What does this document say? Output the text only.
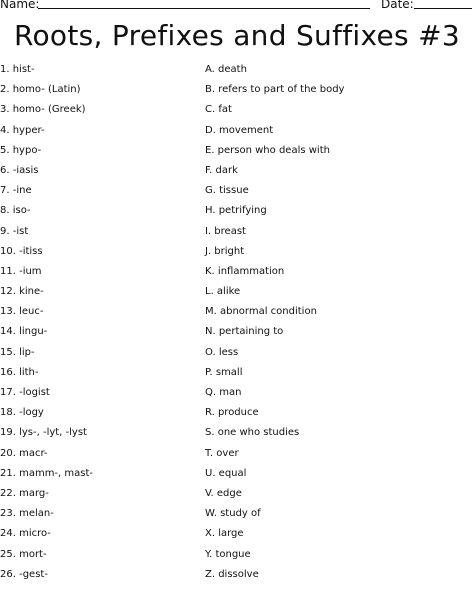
Name:	Date:
Roots, Prefixes and Suffixes #3
1. hist-
2. homo- (Latin)
3. homo- (Greek)
4. hyper-
5. hypo-
6. -iasis
7. -ine
8. iso-
9. -ist
10. -itiss
11. -ium
12. kine-
13. leuc-
14. lingu-
15. lip-
16. lith-
17. -logist
18. -logy
19. lys-, -lyt, -lyst
20. macr-
21. mamm-, mast-
22. marg-
23. melan-
24. micro-
25. mort-
26. -gest-
A. death
B. refers to part of the body
C. fat
D. movement
E. person who deals with
F. dark
G. tissue
H. petrifying
I. breast
J. bright
K. inflammation
L. alike
M. abnormal condition
N. pertaining to
O. less
P. small
Q. man
R. produce
S. one who studies
T. over
U. equal
V. edge
W. study of
X. large
Y. tongue
Z. dissolve
